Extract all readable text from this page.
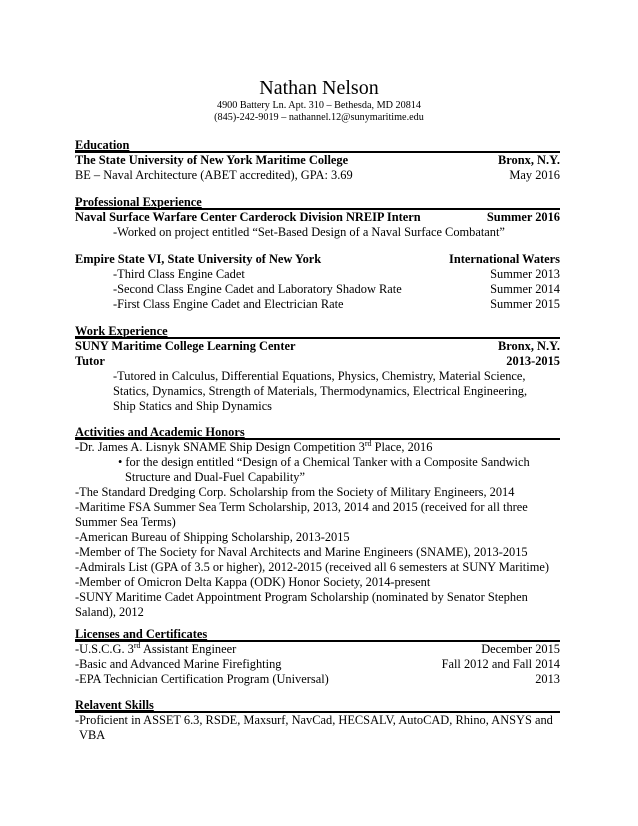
Nathan Nelson
4900 Battery Ln. Apt. 310 – Bethesda, MD 20814
(845)-242-9019 – nathannel.12@sunymaritime.edu
Education
The State University of New York Maritime College	Bronx, N.Y.
BE – Naval Architecture (ABET accredited), GPA: 3.69	May 2016
Professional Experience
Naval Surface Warfare Center Carderock Division NREIP Intern	Summer 2016
-Worked on project entitled “Set-Based Design of a Naval Surface Combatant”
Empire State VI, State University of New York	International Waters
-Third Class Engine Cadet	Summer 2013
-Second Class Engine Cadet and Laboratory Shadow Rate	Summer 2014
-First Class Engine Cadet and Electrician Rate	Summer 2015
Work Experience
SUNY Maritime College Learning Center	Bronx, N.Y.
Tutor	2013-2015
-Tutored in Calculus, Differential Equations, Physics, Chemistry, Material Science,
Statics, Dynamics, Strength of Materials, Thermodynamics, Electrical Engineering,
Ship Statics and Ship Dynamics
Activities and Academic Honors
-Dr. James A. Lisnyk SNAME Ship Design Competition 3rd Place, 2016
• for the design entitled “Design of a Chemical Tanker with a Composite Sandwich
Structure and Dual-Fuel Capability”
-The Standard Dredging Corp. Scholarship from the Society of Military Engineers, 2014
-Maritime FSA Summer Sea Term Scholarship, 2013, 2014 and 2015 (received for all three
Summer Sea Terms)
-American Bureau of Shipping Scholarship, 2013-2015
-Member of The Society for Naval Architects and Marine Engineers (SNAME), 2013-2015
-Admirals List (GPA of 3.5 or higher), 2012-2015 (received all 6 semesters at SUNY Maritime)
-Member of Omicron Delta Kappa (ODK) Honor Society, 2014-present
-SUNY Maritime Cadet Appointment Program Scholarship (nominated by Senator Stephen
Saland), 2012
Licenses and Certificates
-U.S.C.G. 3rd Assistant Engineer	December 2015
-Basic and Advanced Marine Firefighting	Fall 2012 and Fall 2014
-EPA Technician Certification Program (Universal)	2013
Relavent Skills
-Proficient in ASSET 6.3, RSDE, Maxsurf, NavCad, HECSALV, AutoCAD, Rhino, ANSYS and
VBA
